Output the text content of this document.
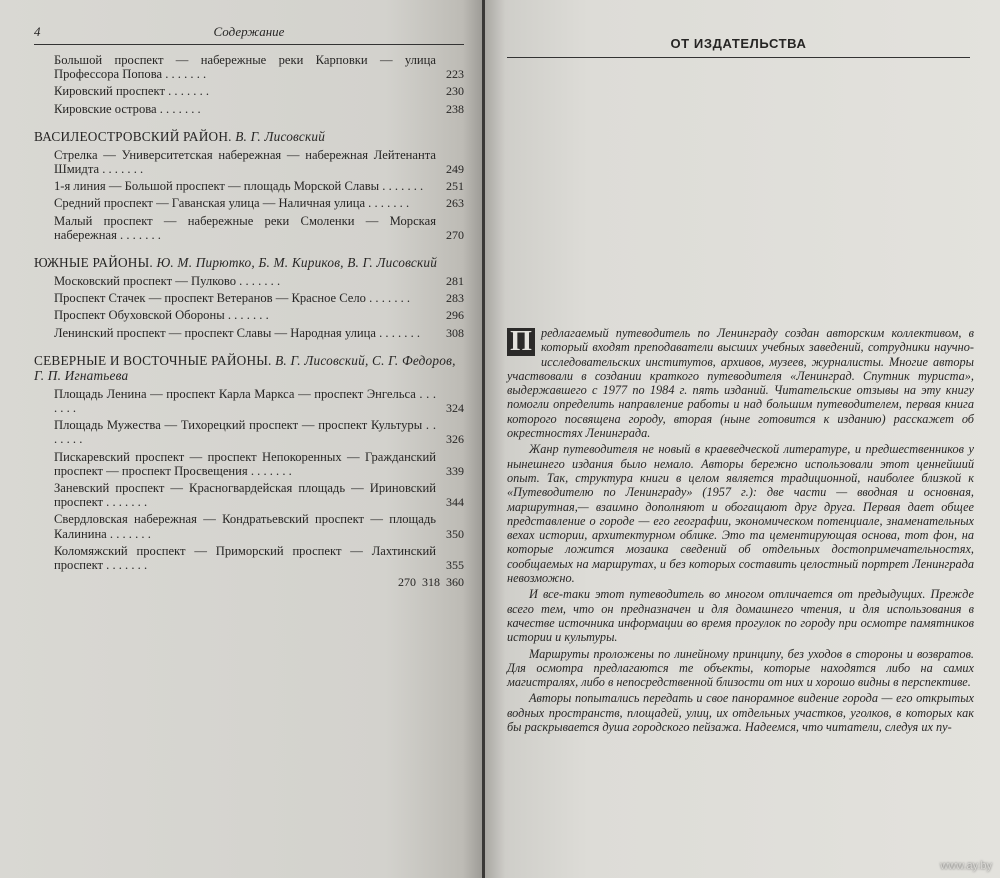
4	Содержание
Большой проспект — набережные реки Карповки — улица Профессора Попова . . . . . . .	223
Кировский проспект . . . . . . .	230
Кировские острова . . . . . . .	238
ВАСИЛЕОСТРОВСКИЙ РАЙОН. В. Г. Лисовский
Стрелка — Университетская набережная — набережная Лейтенанта Шмидта . . . . . . .	249
1-я линия — Большой проспект — площадь Морской Славы . . . . . . .	251
Средний проспект — Гаванская улица — Наличная улица . . . . . . .	263
Малый проспект — набережные реки Смоленки — Морская набережная . . . . . . .	270
ЮЖНЫЕ РАЙОНЫ. Ю. М. Пирютко, Б. М. Кириков, В. Г. Лисовский
Московский проспект — Пулково . . . . . . .	281
Проспект Стачек — проспект Ветеранов — Красное Село . . . . . . .	283
Проспект Обуховской Обороны . . . . . . .	296
Ленинский проспект — проспект Славы — Народная улица . . . . . . .	308
СЕВЕРНЫЕ И ВОСТОЧНЫЕ РАЙОНЫ. В. Г. Лисовский, С. Г. Федоров, Г. П. Игнатьева
Площадь Ленина — проспект Карла Маркса — проспект Энгельса . . . . . . .	324
Площадь Мужества — Тихорецкий проспект — проспект Культуры . . . . . . .	326
Пискаревский проспект — проспект Непокоренных — Гражданский проспект — проспект Просвещения . . . . . . .	339
Заневский проспект — Красногвардейская площадь — Ириновский проспект . . . . . . .	344
Свердловская набережная — Кондратьевский проспект — площадь Калинина . . . . . . .	350
Коломяжский проспект — Приморский проспект — Лахтинский проспект . . . . . . .	355
270 318 360
ОТ ИЗДАТЕЛЬСТВА

П редлагаемый путеводитель по Ленинграду создан авторским коллективом, в который входят преподаватели высших учебных заведений, сотрудники научно-исследовательских институтов, архивов, музеев, журналисты. Многие авторы участвовали в создании краткого путеводителя «Ленинград. Спутник туриста», выдержавшего с 1977 по 1984 г. пять изданий. Читательские отзывы на эту книгу помогли определить направление работы и над большим путеводителем, первая книга которого посвящена городу, вторая (ныне готовится к изданию) расскажет об окрестностях Ленинграда.

Жанр путеводителя не новый в краеведческой литературе, и предшественников у нынешнего издания было немало. Авторы бережно использовали этот ценнейший опыт. Так, структура книги в целом является традиционной, наиболее близкой к «Путеводителю по Ленинграду» (1957 г.): две части — вводная и основная, маршрутная,— взаимно дополняют и обогащают друг друга. Первая дает общее представление о городе — его географии, экономическом потенциале, знаменательных вехах истории, архитектурном облике. Это та цементирующая основа, тот фон, на которые ложится мозаика сведений об отдельных достопримечательностях, сообщаемых на маршрутах, и без которых составить целостный портрет Ленинграда невозможно.

И все-таки этот путеводитель во многом отличается от предыдущих. Прежде всего тем, что он предназначен и для домашнего чтения, и для использования в качестве источника информации во время прогулок по городу при осмотре памятников истории и культуры.

Маршруты проложены по линейному принципу, без уходов в стороны и возвратов. Для осмотра предлагаются те объекты, которые находятся либо на самих магистралях, либо в непосредственной близости от них и хорошо видны в перспективе.

Авторы попытались передать и свое панорамное видение города — его открытых водных пространств, площадей, улиц, их отдельных участков, уголков, в которых как бы раскрывается душа городского пейзажа. Надеемся, что читатели, следуя их пу-

www.ay.by
